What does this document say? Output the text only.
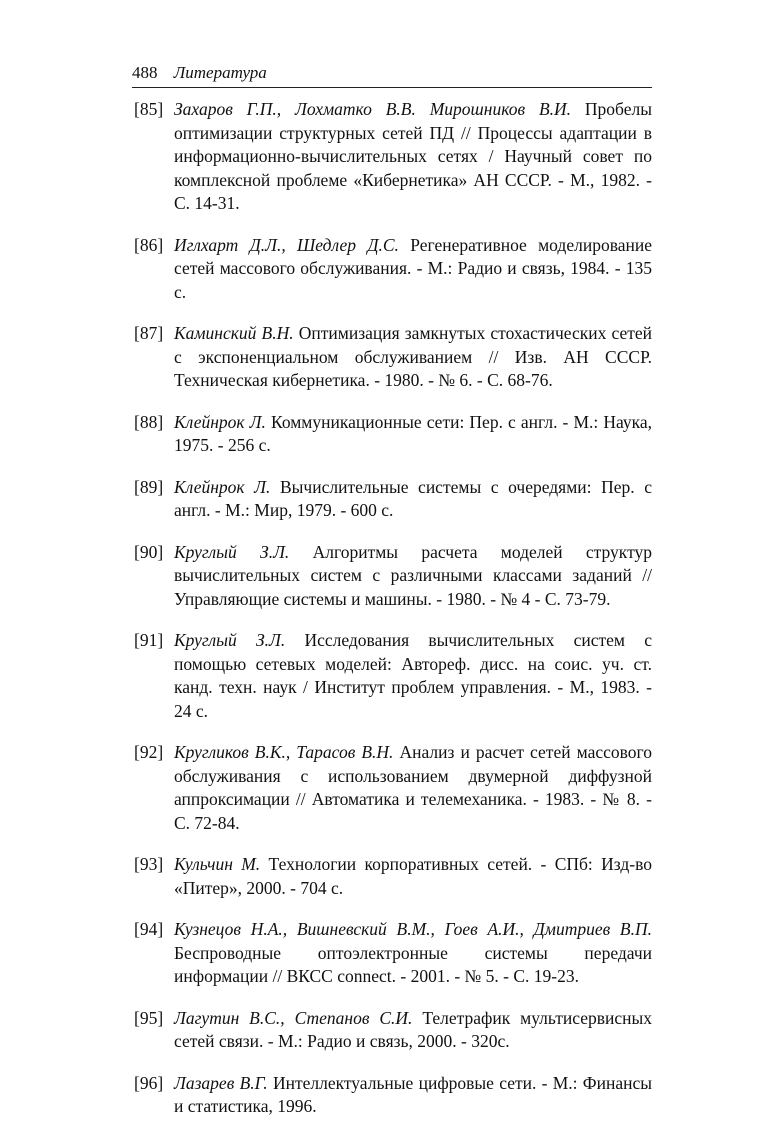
488 Литература
[85] Захаров Г.П., Лохматко В.В. Мирошников В.И. Пробелы оптимизации структурных сетей ПД // Процессы адаптации в информационно-вычислительных сетях / Научный совет по комплексной проблеме «Кибернетика» АН СССР. - М., 1982. - С. 14-31.
[86] Иглхарт Д.Л., Шедлер Д.С. Регенеративное моделирование сетей массового обслуживания. - М.: Радио и связь, 1984. - 135 с.
[87] Каминский В.Н. Оптимизация замкнутых стохастических сетей с экспоненциальном обслуживанием // Изв. АН СССР. Техническая кибернетика. - 1980. - № 6. - С. 68-76.
[88] Клейнрок Л. Коммуникационные сети: Пер. с англ. - М.: Наука, 1975. - 256 с.
[89] Клейнрок Л. Вычислительные системы с очередями: Пер. с англ. - М.: Мир, 1979. - 600 с.
[90] Круглый З.Л. Алгоритмы расчета моделей структур вычислительных систем с различными классами заданий // Управляющие системы и машины. - 1980. - № 4 - С. 73-79.
[91] Круглый З.Л. Исследования вычислительных систем с помощью сетевых моделей: Автореф. дисс. на соис. уч. ст. канд. техн. наук / Институт проблем управления. - М., 1983. - 24 с.
[92] Кругликов В.К., Тарасов В.Н. Анализ и расчет сетей массового обслуживания с использованием двумерной диффузной аппроксимации // Автоматика и телемеханика. - 1983. - № 8. - С. 72-84.
[93] Кульчин М. Технологии корпоративных сетей. - СПб: Изд-во «Питер», 2000. - 704 с.
[94] Кузнецов Н.А., Вишневский В.М., Гоев А.И., Дмитриев В.П. Беспроводные оптоэлектронные системы передачи информации // ВКСС connect. - 2001. - № 5. - С. 19-23.
[95] Лагутин В.С., Степанов С.И. Телетрафик мультисервисных сетей связи. - М.: Радио и связь, 2000. - 320с.
[96] Лазарев В.Г. Интеллектуальные цифровые сети. - М.: Финансы и статистика, 1996.
